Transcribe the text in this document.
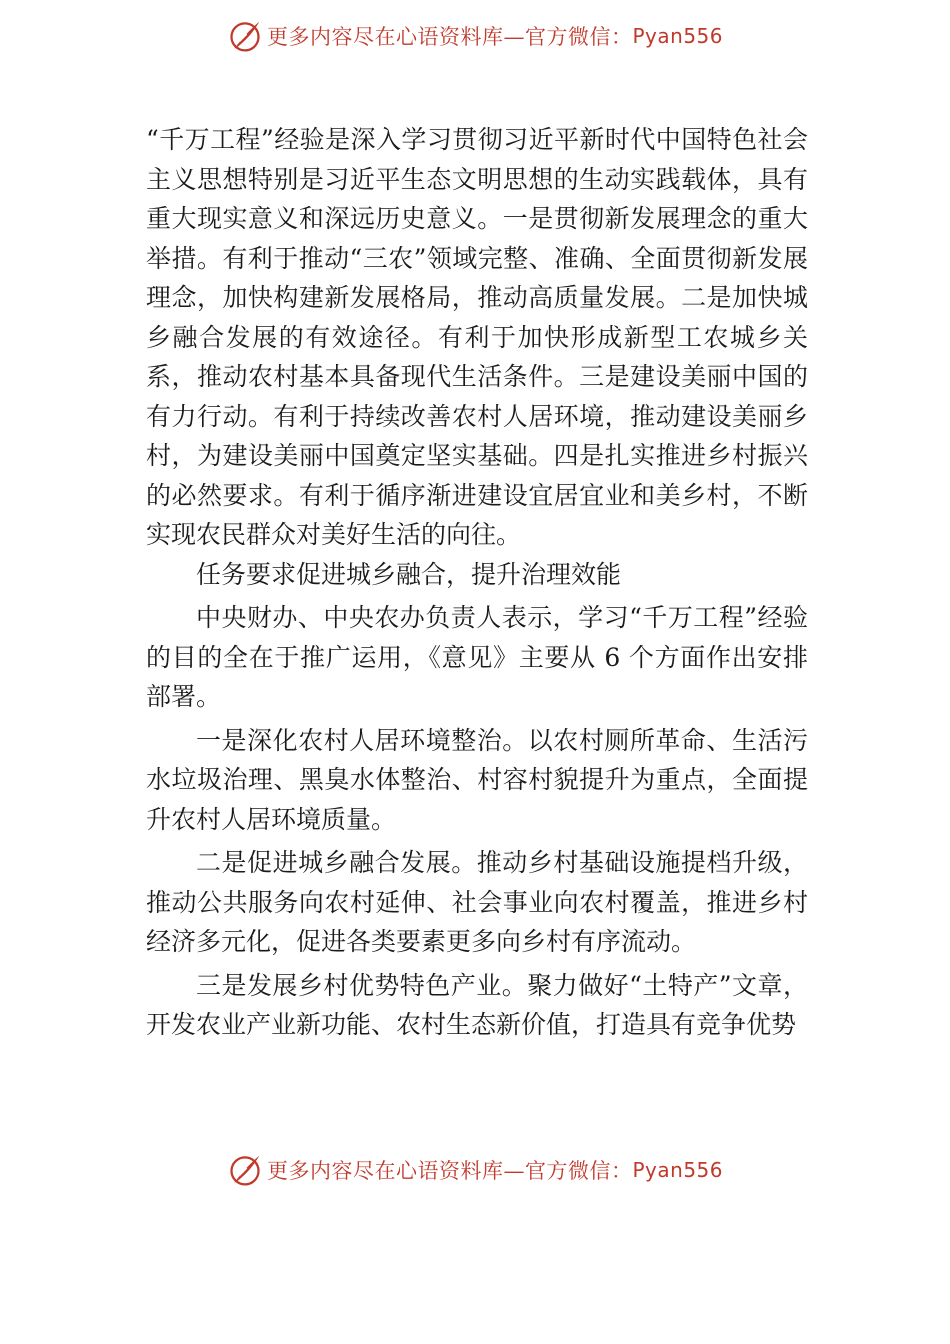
更多内容尽在心语资料库—官方微信： Pyan556

“千万工程”经验是深入学习贯彻习近平新时代中国特色社会主义思想特别是习近平生态文明思想的生动实践载体，具有重大现实意义和深远历史意义。一是贯彻新发展理念的重大举措。有利于推动“三农”领域完整、准确、全面贯彻新发展理念，加快构建新发展格局，推动高质量发展。二是加快城乡融合发展的有效途径。有利于加快形成新型工农城乡关系，推动农村基本具备现代生活条件。三是建设美丽中国的有力行动。有利于持续改善农村人居环境，推动建设美丽乡村，为建设美丽中国奠定坚实基础。四是扎实推进乡村振兴的必然要求。有利于循序渐进建设宜居宜业和美乡村，不断实现农民群众对美好生活的向往。

任务要求促进城乡融合，提升治理效能

中央财办、中央农办负责人表示，学习“千万工程”经验的目的全在于推广运用，《意见》主要从 6 个方面作出安排部署。

一是深化农村人居环境整治。以农村厕所革命、生活污水垃圾治理、黑臭水体整治、村容村貌提升为重点，全面提升农村人居环境质量。

二是促进城乡融合发展。推动乡村基础设施提档升级，推动公共服务向农村延伸、社会事业向农村覆盖，推进乡村经济多元化，促进各类要素更多向乡村有序流动。

三是发展乡村优势特色产业。聚力做好“土特产”文章，开发农业产业新功能、农村生态新价值，打造具有竞争优势

更多内容尽在心语资料库—官方微信： Pyan556
